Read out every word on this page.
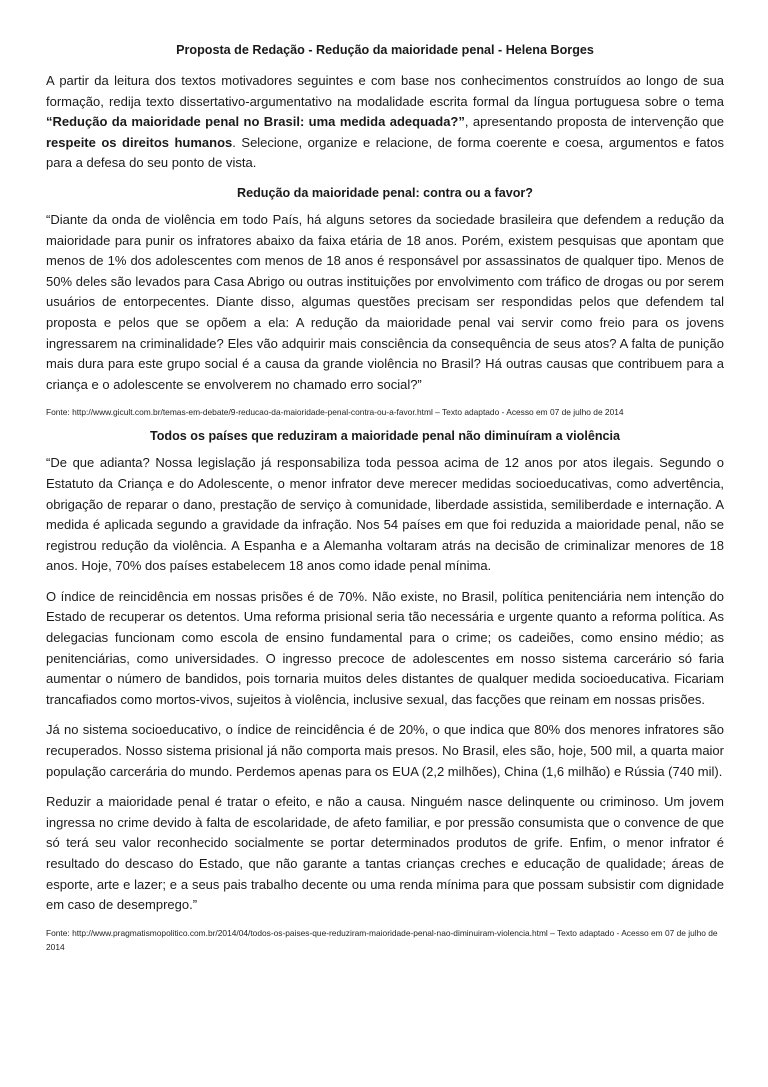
Proposta de Redação - Redução da maioridade penal - Helena Borges

A partir da leitura dos textos motivadores seguintes e com base nos conhecimentos construídos ao longo de sua formação, redija texto dissertativo-argumentativo na modalidade escrita formal da língua portuguesa sobre o tema “Redução da maioridade penal no Brasil: uma medida adequada?”, apresentando proposta de intervenção que respeite os direitos humanos. Selecione, organize e relacione, de forma coerente e coesa, argumentos e fatos para a defesa do seu ponto de vista.

Redução da maioridade penal: contra ou a favor?

“Diante da onda de violência em todo País, há alguns setores da sociedade brasileira que defendem a redução da maioridade para punir os infratores abaixo da faixa etária de 18 anos. Porém, existem pesquisas que apontam que menos de 1% dos adolescentes com menos de 18 anos é responsável por assassinatos de qualquer tipo. Menos de 50% deles são levados para Casa Abrigo ou outras instituições por envolvimento com tráfico de drogas ou por serem usuários de entorpecentes. Diante disso, algumas questões precisam ser respondidas pelos que defendem tal proposta e pelos que se opõem a ela: A redução da maioridade penal vai servir como freio para os jovens ingressarem na criminalidade? Eles vão adquirir mais consciência da consequência de seus atos? A falta de punição mais dura para este grupo social é a causa da grande violência no Brasil? Há outras causas que contribuem para a criança e o adolescente se envolverem no chamado erro social?”

Fonte: http://www.gicult.com.br/temas-em-debate/9-reducao-da-maioridade-penal-contra-ou-a-favor.html – Texto adaptado - Acesso em 07 de julho de 2014
Todos os países que reduziram a maioridade penal não diminuíram a violência

“De que adianta? Nossa legislação já responsabiliza toda pessoa acima de 12 anos por atos ilegais. Segundo o Estatuto da Criança e do Adolescente, o menor infrator deve merecer medidas socioeducativas, como advertência, obrigação de reparar o dano, prestação de serviço à comunidade, liberdade assistida, semiliberdade e internação. A medida é aplicada segundo a gravidade da infração. Nos 54 países em que foi reduzida a maioridade penal, não se registrou redução da violência. A Espanha e a Alemanha voltaram atrás na decisão de criminalizar menores de 18 anos. Hoje, 70% dos países estabelecem 18 anos como idade penal mínima.

O índice de reincidência em nossas prisões é de 70%. Não existe, no Brasil, política penitenciária nem intenção do Estado de recuperar os detentos. Uma reforma prisional seria tão necessária e urgente quanto a reforma política. As delegacias funcionam como escola de ensino fundamental para o crime; os cadeiões, como ensino médio; as penitenciárias, como universidades. O ingresso precoce de adolescentes em nosso sistema carcerário só faria aumentar o número de bandidos, pois tornaria muitos deles distantes de qualquer medida socioeducativa. Ficariam trancafiados como mortos-vivos, sujeitos à violência, inclusive sexual, das facções que reinam em nossas prisões.

Já no sistema socioeducativo, o índice de reincidência é de 20%, o que indica que 80% dos menores infratores são recuperados. Nosso sistema prisional já não comporta mais presos. No Brasil, eles são, hoje, 500 mil, a quarta maior população carcerária do mundo. Perdemos apenas para os EUA (2,2 milhões), China (1,6 milhão) e Rússia (740 mil).

Reduzir a maioridade penal é tratar o efeito, e não a causa. Ninguém nasce delinquente ou criminoso. Um jovem ingressa no crime devido à falta de escolaridade, de afeto familiar, e por pressão consumista que o convence de que só terá seu valor reconhecido socialmente se portar determinados produtos de grife. Enfim, o menor infrator é resultado do descaso do Estado, que não garante a tantas crianças creches e educação de qualidade; áreas de esporte, arte e lazer; e a seus pais trabalho decente ou uma renda mínima para que possam subsistir com dignidade em caso de desemprego.”

Fonte: http://www.pragmatismopolitico.com.br/2014/04/todos-os-paises-que-reduziram-maioridade-penal-nao-diminuiram-violencia.html – Texto adaptado - Acesso em 07 de julho de 2014
